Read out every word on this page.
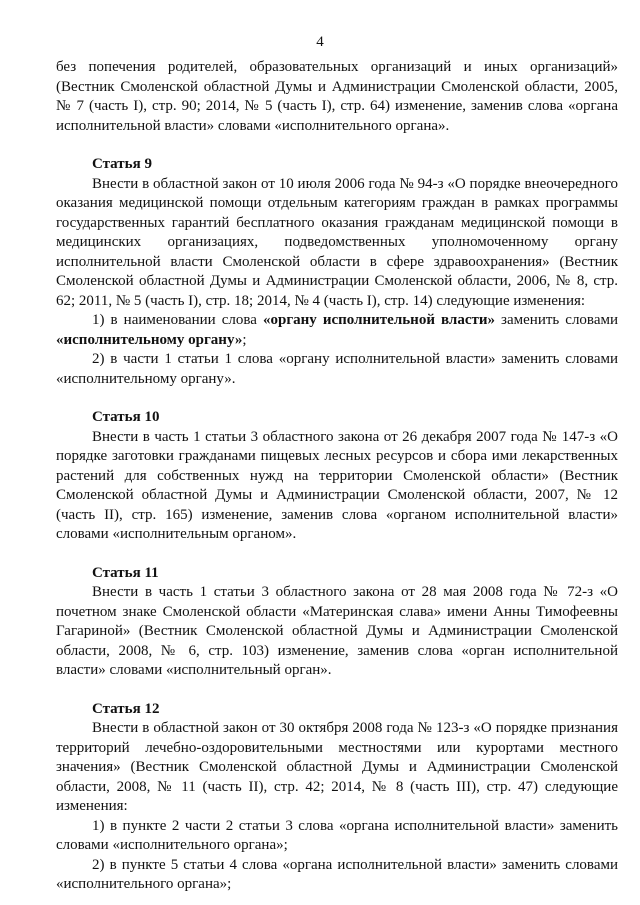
4

без попечения родителей, образовательных организаций и иных организаций» (Вестник Смоленской областной Думы и Администрации Смоленской области, 2005, № 7 (часть I), стр. 90; 2014, № 5 (часть I), стр. 64) изменение, заменив слова «органа исполнительной власти» словами «исполнительного органа».

Статья 9

Внести в областной закон от 10 июля 2006 года № 94-з «О порядке внеочередного оказания медицинской помощи отдельным категориям граждан в рамках программы государственных гарантий бесплатного оказания гражданам медицинской помощи в медицинских организациях, подведомственных уполномоченному органу исполнительной власти Смоленской области в сфере здравоохранения» (Вестник Смоленской областной Думы и Администрации Смоленской области, 2006, № 8, стр. 62; 2011, № 5 (часть I), стр. 18; 2014, № 4 (часть I), стр. 14) следующие изменения:

1) в наименовании слова «органу исполнительной власти» заменить словами «исполнительному органу»;

2) в части 1 статьи 1 слова «органу исполнительной власти» заменить словами «исполнительному органу».

Статья 10

Внести в часть 1 статьи 3 областного закона от 26 декабря 2007 года № 147-з «О порядке заготовки гражданами пищевых лесных ресурсов и сбора ими лекарственных растений для собственных нужд на территории Смоленской области» (Вестник Смоленской областной Думы и Администрации Смоленской области, 2007, № 12 (часть II), стр. 165) изменение, заменив слова «органом исполнительной власти» словами «исполнительным органом».

Статья 11

Внести в часть 1 статьи 3 областного закона от 28 мая 2008 года № 72-з «О почетном знаке Смоленской области «Материнская слава» имени Анны Тимофеевны Гагариной» (Вестник Смоленской областной Думы и Администрации Смоленской области, 2008, № 6, стр. 103) изменение, заменив слова «орган исполнительной власти» словами «исполнительный орган».

Статья 12

Внести в областной закон от 30 октября 2008 года № 123-з «О порядке признания территорий лечебно-оздоровительными местностями или курортами местного значения» (Вестник Смоленской областной Думы и Администрации Смоленской области, 2008, № 11 (часть II), стр. 42; 2014, № 8 (часть III), стр. 47) следующие изменения:

1) в пункте 2 части 2 статьи 3 слова «органа исполнительной власти» заменить словами «исполнительного органа»;

2) в пункте 5 статьи 4 слова «органа исполнительной власти» заменить словами «исполнительного органа»;
